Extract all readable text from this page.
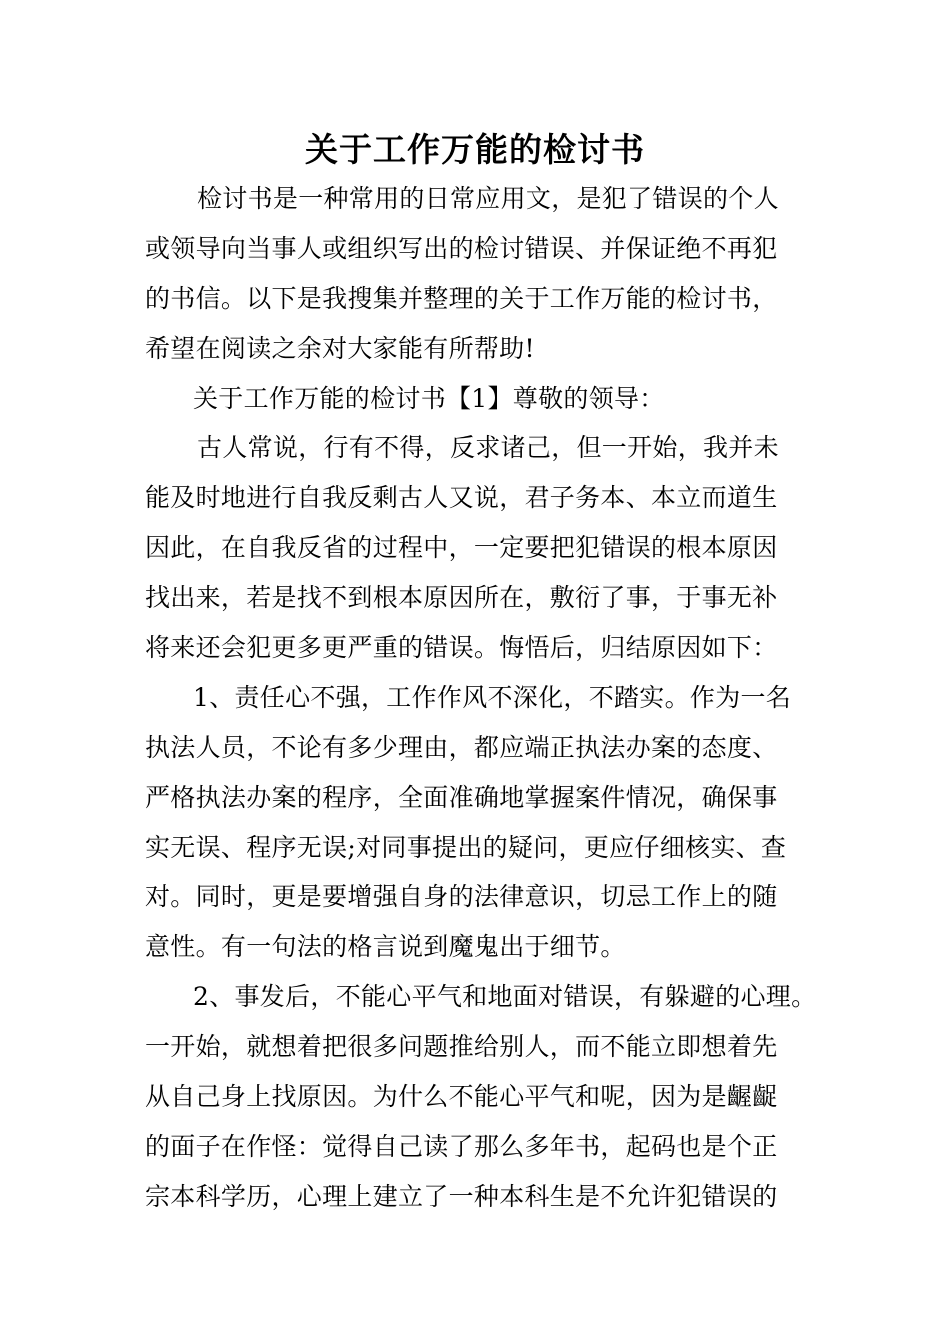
关于工作万能的检讨书
检讨书是一种常用的日常应用文，是犯了错误的个人
或领导向当事人或组织写出的检讨错误、并保证绝不再犯
的书信。以下是我搜集并整理的关于工作万能的检讨书，
希望在阅读之余对大家能有所帮助!
关于工作万能的检讨书【1】尊敬的领导：
古人常说，行有不得，反求诸己，但一开始，我并未
能及时地进行自我反剩古人又说，君子务本、本立而道生
因此，在自我反省的过程中，一定要把犯错误的根本原因
找出来，若是找不到根本原因所在，敷衍了事，于事无补
将来还会犯更多更严重的错误。悔悟后，归结原因如下：
1、责任心不强，工作作风不深化，不踏实。作为一名
执法人员，不论有多少理由，都应端正执法办案的态度、
严格执法办案的程序，全面准确地掌握案件情况，确保事
实无误、程序无误;对同事提出的疑问，更应仔细核实、查
对。同时，更是要增强自身的法律意识，切忌工作上的随
意性。有一句法的格言说到魔鬼出于细节。
2、事发后，不能心平气和地面对错误，有躲避的心理。
一开始，就想着把很多问题推给别人，而不能立即想着先
从自己身上找原因。为什么不能心平气和呢，因为是齷齪
的面子在作怪：觉得自己读了那么多年书，起码也是个正
宗本科学历，心理上建立了一种本科生是不允许犯错误的
